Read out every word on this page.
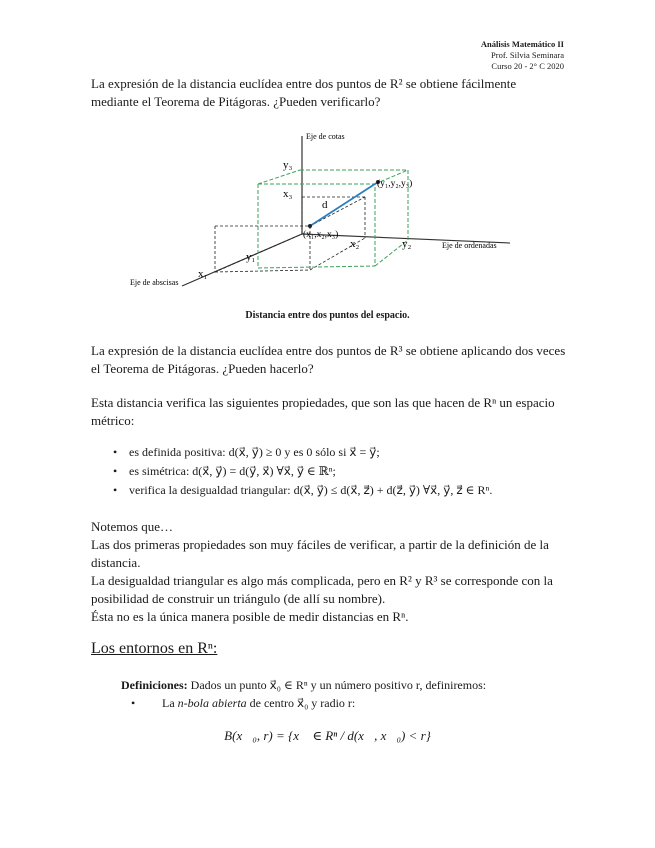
Análisis Matemático II
Prof. Silvia Seminara
Curso 20 - 2° C 2020
La expresión de la distancia euclídea entre dos puntos de R² se obtiene fácilmente mediante el Teorema de Pitágoras. ¿Pueden verificarlo?
Eje de cotas
Eje de ordenadas
Eje de abscisas
y₃
x₃
y₁
x₁
x₂	y₂
d
(x₁,x₂,x₃)
(y₁,y₂,y₃)
Distancia entre dos puntos del espacio.
La expresión de la distancia euclídea entre dos puntos de R³ se obtiene aplicando dos veces el Teorema de Pitágoras. ¿Pueden hacerlo?
Esta distancia verifica las siguientes propiedades, que son las que hacen de Rⁿ un espacio métrico:
• es definida positiva: d(x⃗, y⃗) ≥ 0 y es 0 sólo si x⃗ = y⃗;
• es simétrica: d(x⃗, y⃗) = d(y⃗, x⃗) ∀x⃗, y⃗ ∈ ℝⁿ;
• verifica la desigualdad triangular: d(x⃗, y⃗) ≤ d(x⃗, z⃗) + d(z⃗, y⃗) ∀x⃗, y⃗, z⃗ ∈ Rⁿ.
Notemos que…
Las dos primeras propiedades son muy fáciles de verificar, a partir de la definición de la distancia.
La desigualdad triangular es algo más complicada, pero en R² y R³ se corresponde con la posibilidad de construir un triángulo (de allí su nombre).
Ésta no es la única manera posible de medir distancias en Rⁿ.
Los entornos en Rⁿ:
Definiciones: Dados un punto x⃗₀ ∈ Rⁿ y un número positivo r, definiremos:
• La n-bola abierta de centro x⃗₀ y radio r:
B(x⃗₀, r) = {x⃗ ∈ Rⁿ / d(x⃗, x⃗₀) < r}
